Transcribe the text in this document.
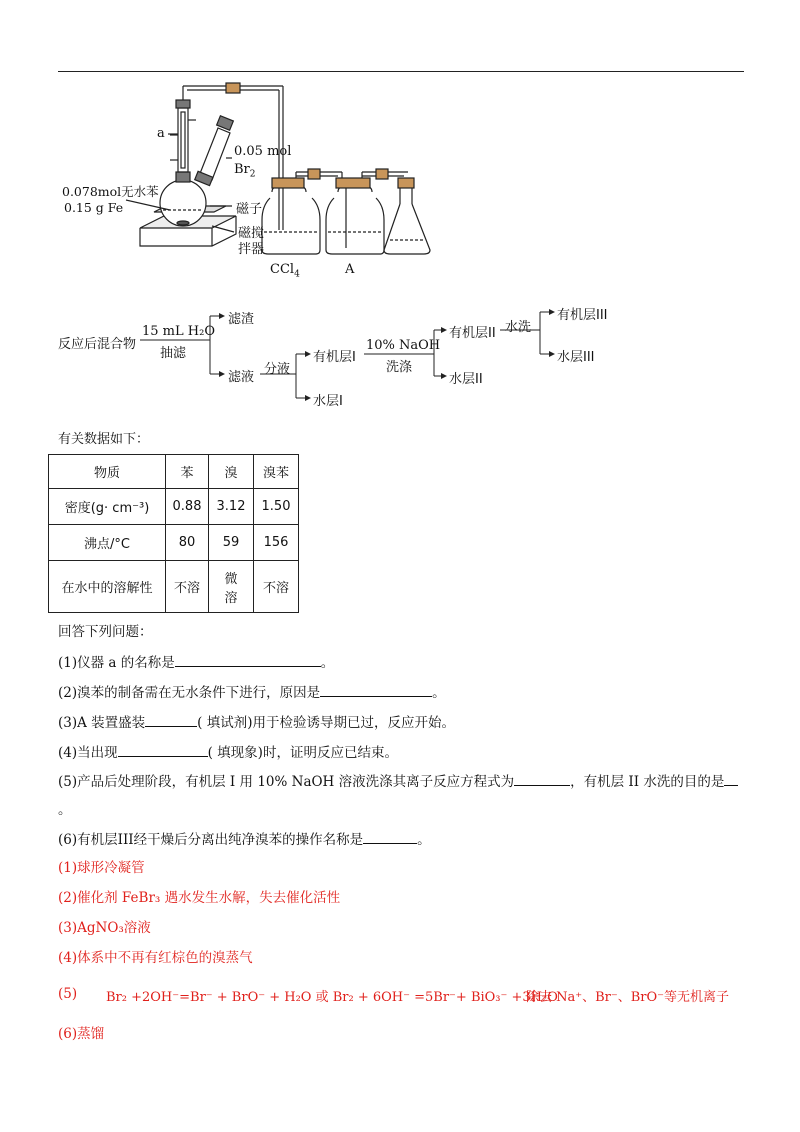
a
0.05 mol
$Br_2$
0.078mol无水苯
0.15 g Fe	磁子
磁搅
拌器
CCl$_4$	A
反应后混合物
15 mL H₂O
抽滤
滤渣
滤液
分液
有机层I
水层I
10% NaOH
洗涤
有机层II
水层II
水洗
有机层III
水层III
有关数据如下：
物质	苯	溴	溴苯
密度(g· cm⁻³)	0.88	3.12	1.50
沸点/°C	80	59	156
在水中的溶解性	不溶	微溶	不溶
回答下列问题：
(1)仪器 a 的名称是	。
(2)溴苯的制备需在无水条件下进行，原因是	。
(3)A 装置盛装	( 填试剂)用于检验诱导期已过，反应开始。
(4)当出现	( 填现象)时，证明反应已结束。
(5)产品后处理阶段，有机层 I 用 10% NaOH 溶液洗涤其离子反应方程式为	，有机层 II 水洗的目的是
。
(6)有机层III经干燥后分离出纯净溴苯的操作名称是	。
(1)球形冷凝管
(2)催化剂 FeBr₃ 遇水发生水解，失去催化活性
(3)AgNO₃溶液
(4)体系中不再有红棕色的溴蒸气
(5) Br₂ +2OH⁻=Br⁻ + BrO⁻ + H₂O 或 Br₂ + 6OH⁻ =5Br⁻+ BiO₃⁻ +3H₂O
除去 Na⁺、Br⁻、BrO⁻等无机离子
(6)蒸馏
